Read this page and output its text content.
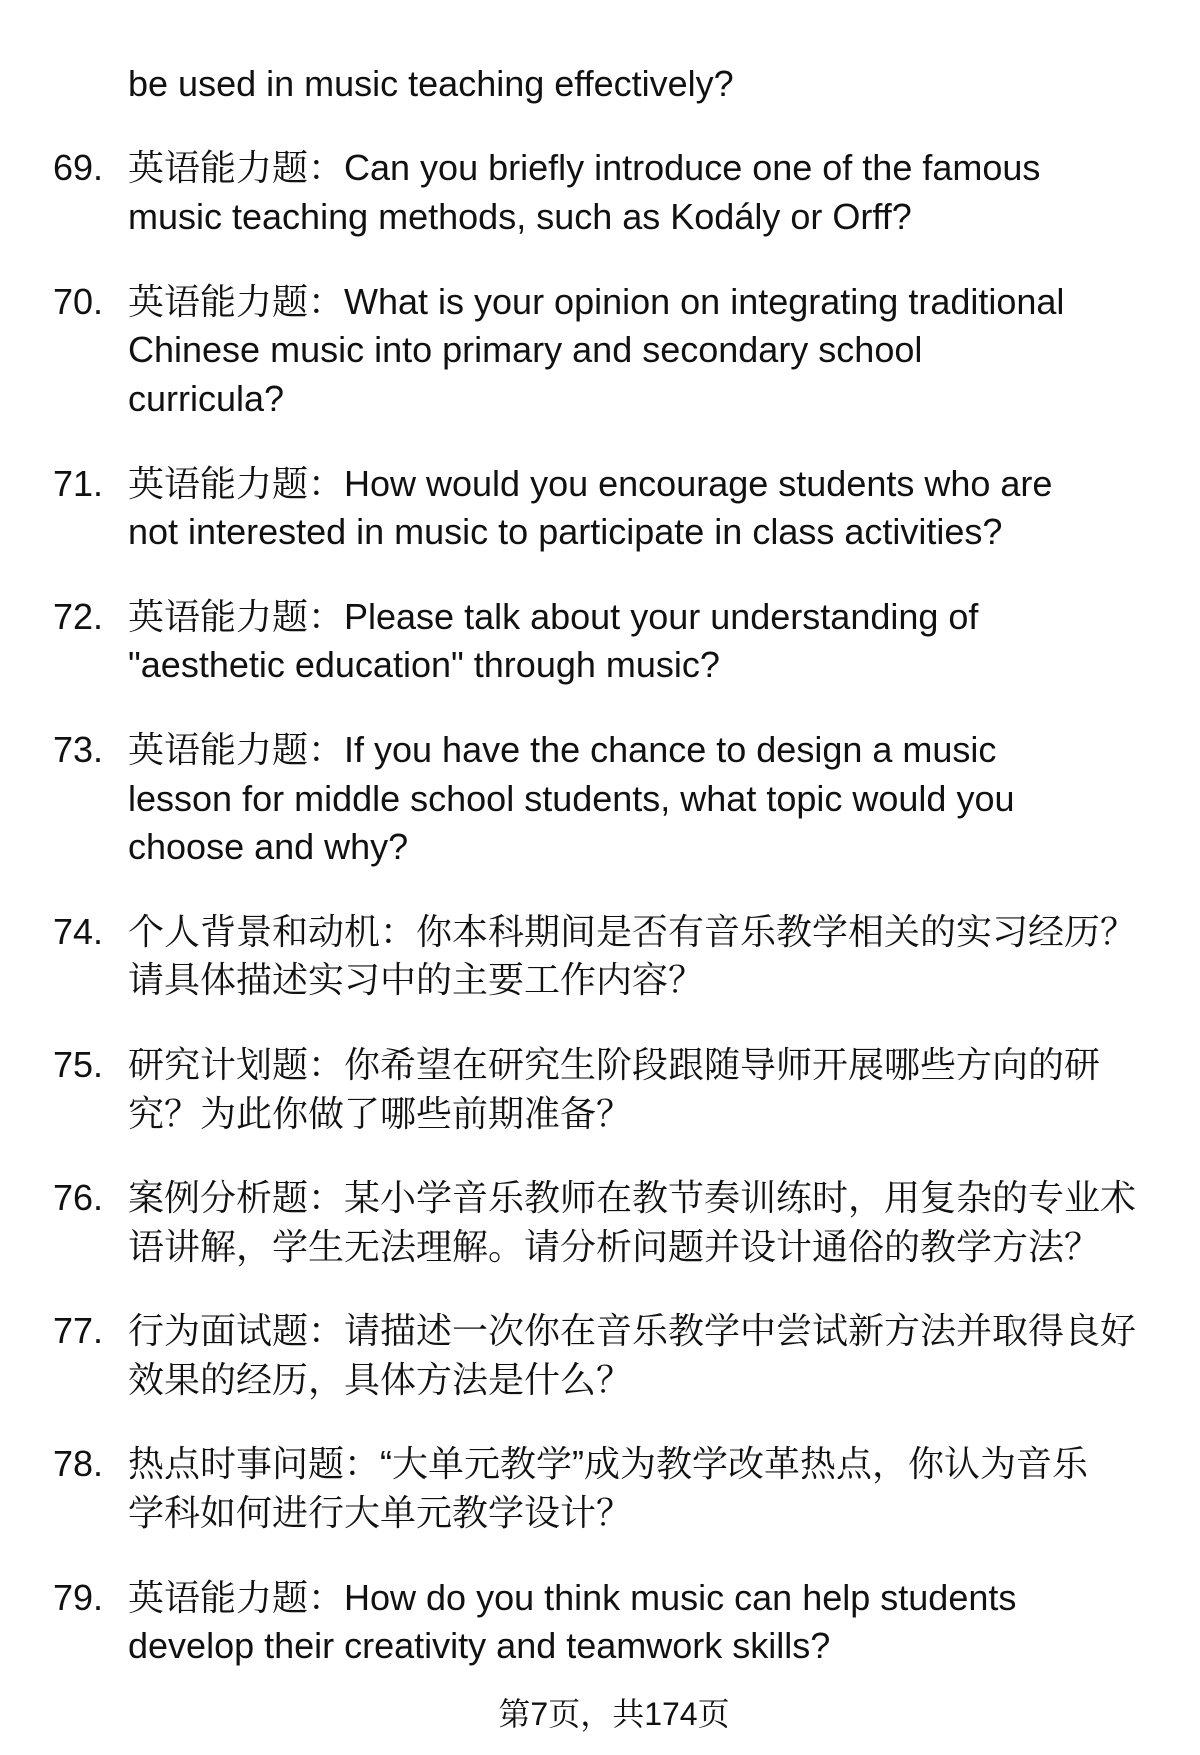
be used in music teaching effectively?
69. 英语能力题：Can you briefly introduce one of the famous
music teaching methods, such as Kodály or Orff?
70. 英语能力题：What is your opinion on integrating traditional
Chinese music into primary and secondary school
curricula?
71. 英语能力题：How would you encourage students who are
not interested in music to participate in class activities?
72. 英语能力题：Please talk about your understanding of
"aesthetic education" through music?
73. 英语能力题：If you have the chance to design a music
lesson for middle school students, what topic would you
choose and why?
74. 个人背景和动机：你本科期间是否有音乐教学相关的实习经历？
请具体描述实习中的主要工作内容？
75. 研究计划题：你希望在研究生阶段跟随导师开展哪些方向的研
究？为此你做了哪些前期准备？
76. 案例分析题：某小学音乐教师在教节奏训练时，用复杂的专业术
语讲解，学生无法理解。请分析问题并设计通俗的教学方法？
77. 行为面试题：请描述一次你在音乐教学中尝试新方法并取得良好
效果的经历，具体方法是什么？
78. 热点时事问题：“大单元教学”成为教学改革热点，你认为音乐
学科如何进行大单元教学设计？
79. 英语能力题：How do you think music can help students
develop their creativity and teamwork skills?
第7页，共174页
